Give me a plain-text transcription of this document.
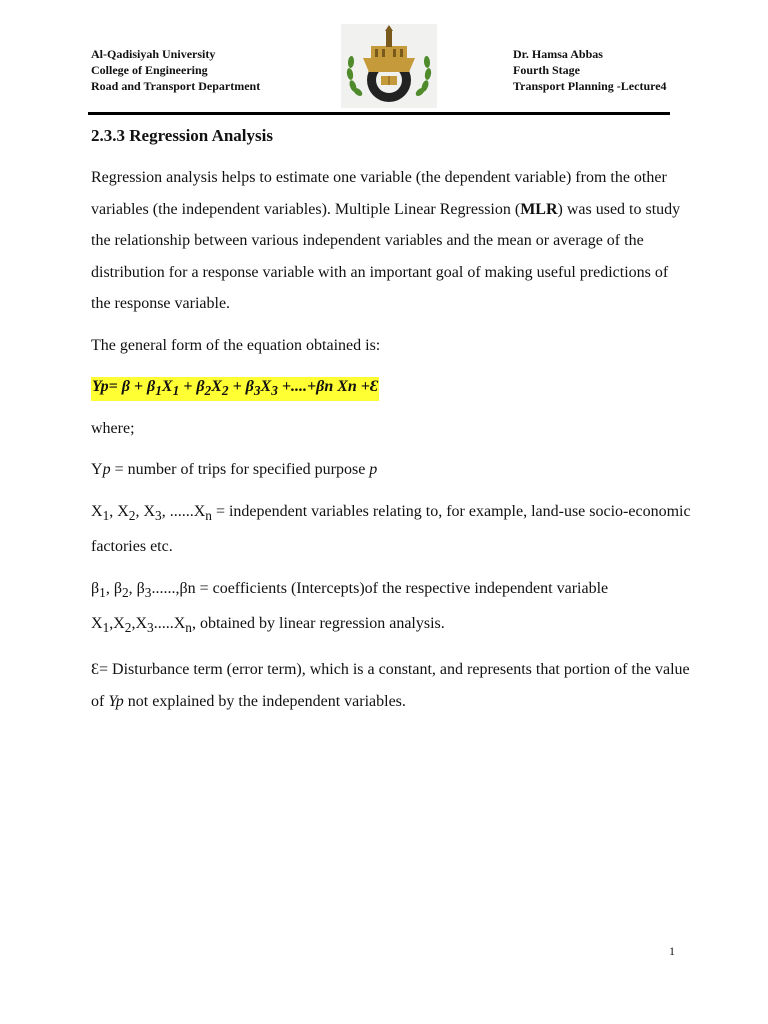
Al-Qadisiyah University
College of Engineering
Road and Transport Department
Dr. Hamsa Abbas
Fourth Stage
Transport Planning -Lecture4
2.3.3 Regression Analysis

Regression analysis helps to estimate one variable (the dependent variable) from the other variables (the independent variables). Multiple Linear Regression (MLR) was used to study the relationship between various independent variables and the mean or average of the distribution for a response variable with an important goal of making useful predictions of the response variable.

The general form of the equation obtained is:

$Yp= \beta + \beta_1X_1 + \beta_2X_2 + \beta_3X_3 +....+\beta n$ Xn +Ɛ

where;

Yp = number of trips for specified purpose p

$X_1$, $X_2$, $X_3$, $......X_n$ = independent variables relating to, for example, land-use socio-economic factories etc.

$\beta_1$, $\beta_2$, $\beta_3......,\beta n$ = coefficients (Intercepts)of the respective independent variable $X_1,X_2,X_3.....X_n$, obtained by linear regression analysis.

Ɛ= Disturbance term (error term), which is a constant, and represents that portion of the value of Yp not explained by the independent variables.

1
